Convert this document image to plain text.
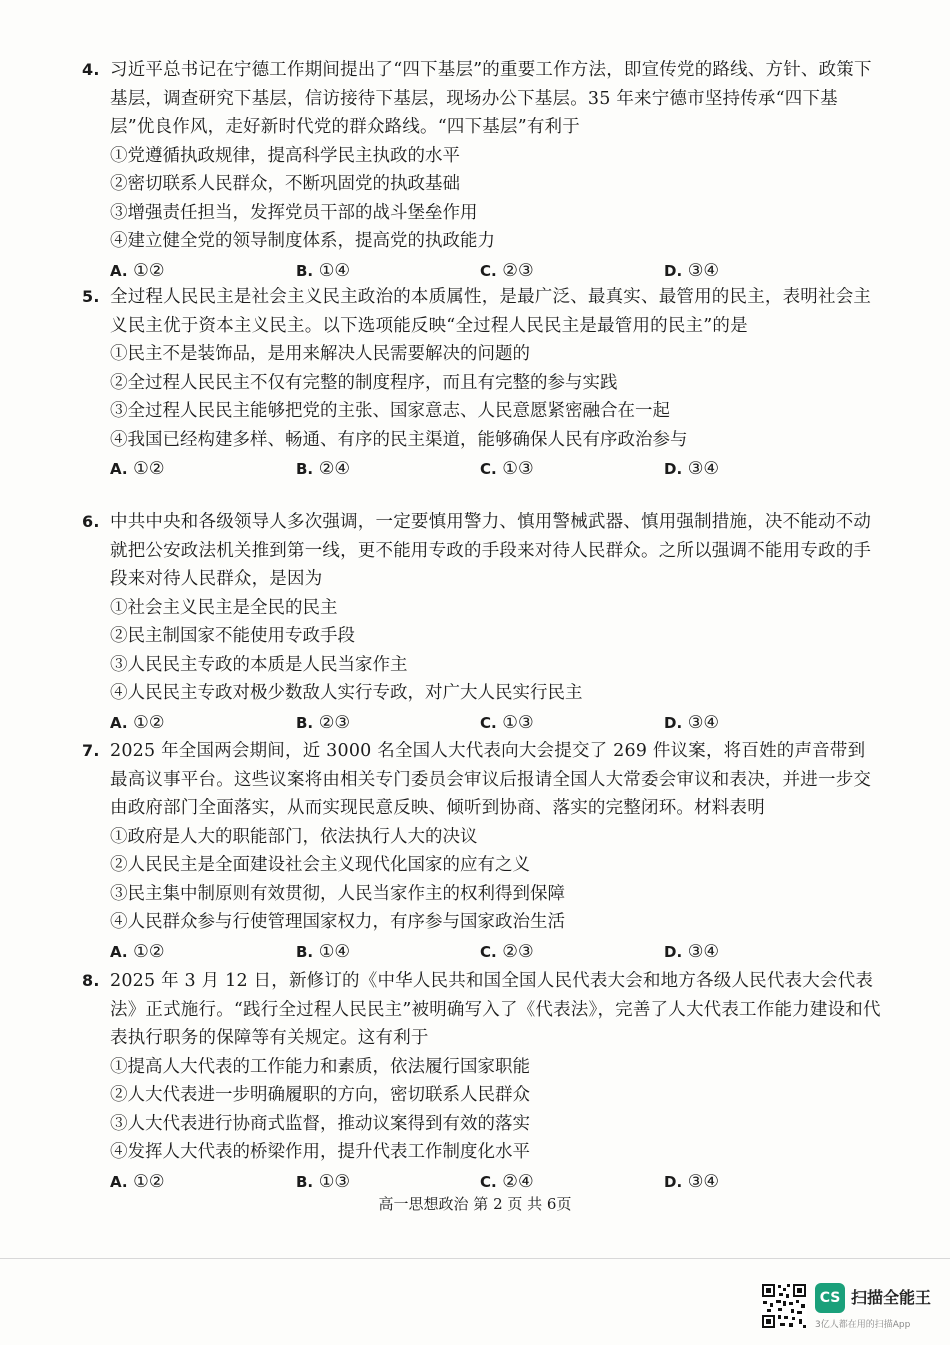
4. 习近平总书记在宁德工作期间提出了“四下基层”的重要工作方法，即宣传党的路线、方针、政策下基层，调查研究下基层，信访接待下基层，现场办公下基层。35 年来宁德市坚持传承“四下基层”优良作风，走好新时代党的群众路线。“四下基层”有利于
①党遵循执政规律，提高科学民主执政的水平
②密切联系人民群众，不断巩固党的执政基础
③增强责任担当，发挥党员干部的战斗堡垒作用
④建立健全党的领导制度体系，提高党的执政能力
A. ①②	B. ①④	C. ②③	D. ③④
5. 全过程人民民主是社会主义民主政治的本质属性，是最广泛、最真实、最管用的民主，表明社会主义民主优于资本主义民主。以下选项能反映“全过程人民民主是最管用的民主”的是
①民主不是装饰品，是用来解决人民需要解决的问题的
②全过程人民民主不仅有完整的制度程序，而且有完整的参与实践
③全过程人民民主能够把党的主张、国家意志、人民意愿紧密融合在一起
④我国已经构建多样、畅通、有序的民主渠道，能够确保人民有序政治参与
A. ①②	B. ②④	C. ①③	D. ③④
6. 中共中央和各级领导人多次强调，一定要慎用警力、慎用警械武器、慎用强制措施，决不能动不动就把公安政法机关推到第一线，更不能用专政的手段来对待人民群众。之所以强调不能用专政的手段来对待人民群众，是因为
①社会主义民主是全民的民主
②民主制国家不能使用专政手段
③人民民主专政的本质是人民当家作主
④人民民主专政对极少数敌人实行专政，对广大人民实行民主
A. ①②	B. ②③	C. ①③	D. ③④
7. 2025 年全国两会期间，近 3000 名全国人大代表向大会提交了 269 件议案，将百姓的声音带到最高议事平台。这些议案将由相关专门委员会审议后报请全国人大常委会审议和表决，并进一步交由政府部门全面落实，从而实现民意反映、倾听到协商、落实的完整闭环。材料表明
①政府是人大的职能部门，依法执行人大的决议
②人民民主是全面建设社会主义现代化国家的应有之义
③民主集中制原则有效贯彻，人民当家作主的权利得到保障
④人民群众参与行使管理国家权力，有序参与国家政治生活
A. ①②	B. ①④	C. ②③	D. ③④
8. 2025 年 3 月 12 日，新修订的《中华人民共和国全国人民代表大会和地方各级人民代表大会代表法》正式施行。“践行全过程人民民主”被明确写入了《代表法》，完善了人大代表工作能力建设和代表执行职务的保障等有关规定。这有利于
①提高人大代表的工作能力和素质，依法履行国家职能
②人大代表进一步明确履职的方向，密切联系人民群众
③人大代表进行协商式监督，推动议案得到有效的落实
④发挥人大代表的桥梁作用，提升代表工作制度化水平
A. ①②	B. ①③	C. ②④	D. ③④
高一思想政治 第 2 页 共 6页
CS 扫描全能王
3亿人都在用的扫描App
